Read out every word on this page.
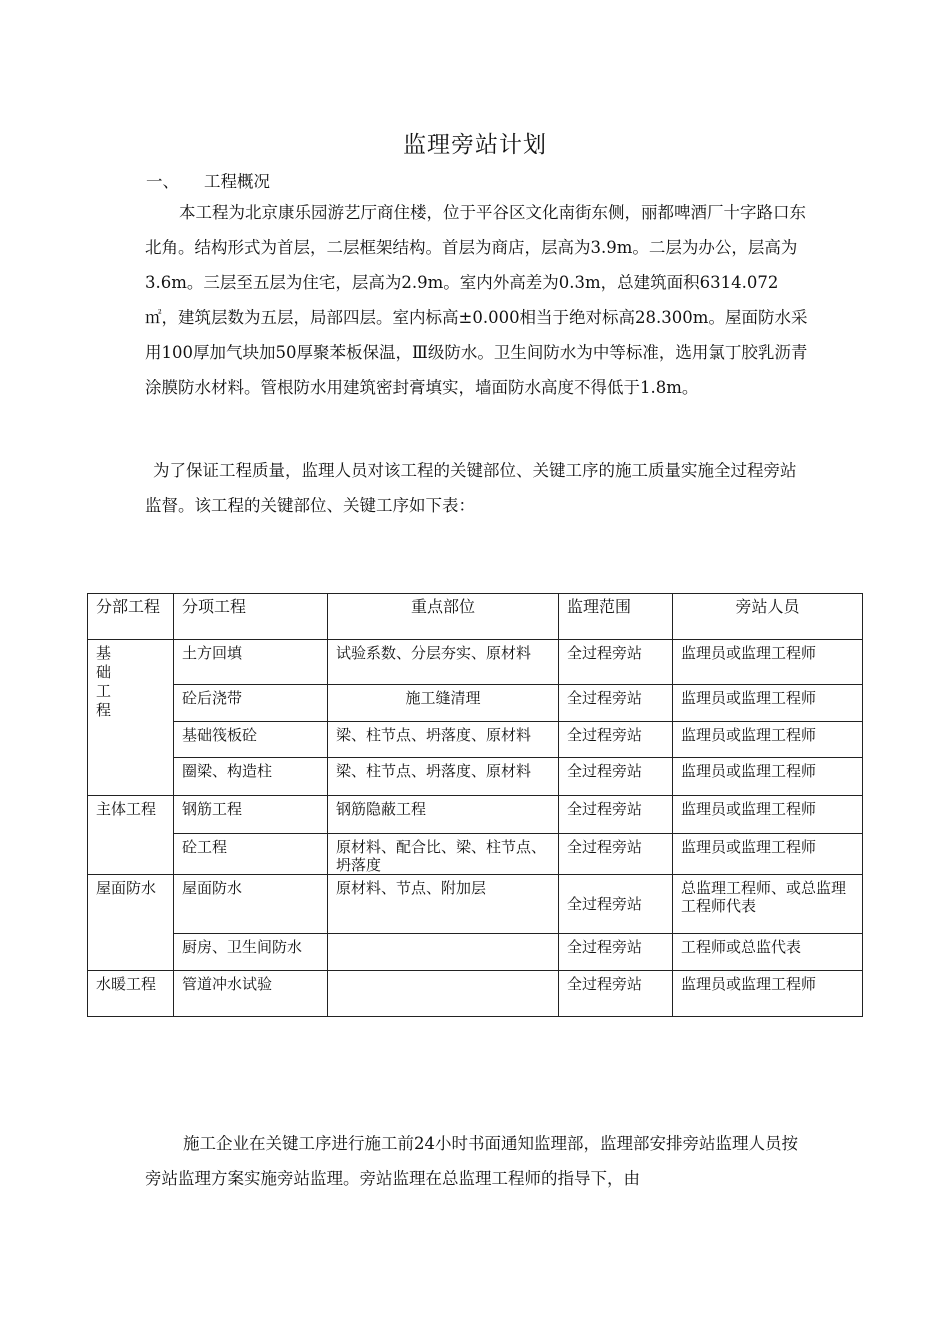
监理旁站计划
一、 工程概况
本工程为北京康乐园游艺厅商住楼，位于平谷区文化南街东侧，丽都啤酒厂十字路口东北角。结构形式为首层，二层框架结构。首层为商店，层高为3.9m。二层为办公，层高为3.6m。三层至五层为住宅，层高为2.9m。室内外高差为0.3m，总建筑面积6314.072㎡，建筑层数为五层，局部四层。室内标高±0.000相当于绝对标高28.300m。屋面防水采用100厚加气块加50厚聚苯板保温，Ⅲ级防水。卫生间防水为中等标准，选用氯丁胶乳沥青涂膜防水材料。管根防水用建筑密封膏填实，墙面防水高度不得低于1.8m。
为了保证工程质量，监理人员对该工程的关键部位、关键工序的施工质量实施全过程旁站监督。该工程的关键部位、关键工序如下表：
分部工程	分项工程	重点部位	监理范围	旁站人员

基
础
工
程	土方回填	试验系数、分层夯实、原材料	全过程旁站	监理员或监理工程师
	砼后浇带	施工缝清理	全过程旁站	监理员或监理工程师
	基础筏板砼	梁、柱节点、坍落度、原材料	全过程旁站	监理员或监理工程师
	圈梁、构造柱	梁、柱节点、坍落度、原材料	全过程旁站	监理员或监理工程师
主体工程	钢筋工程	钢筋隐蔽工程	全过程旁站	监理员或监理工程师
	砼工程	原材料、配合比、梁、柱节点、坍落度	全过程旁站	监理员或监理工程师
屋面防水	屋面防水	原材料、节点、附加层	全过程旁站	总监理工程师、或总监理工程师代表
	厨房、卫生间防水		全过程旁站	工程师或总监代表
水暖工程	管道冲水试验		全过程旁站	监理员或监理工程师
施工企业在关键工序进行施工前24小时书面通知监理部，监理部安排旁站监理人员按旁站监理方案实施旁站监理。旁站监理在总监理工程师的指导下，由
